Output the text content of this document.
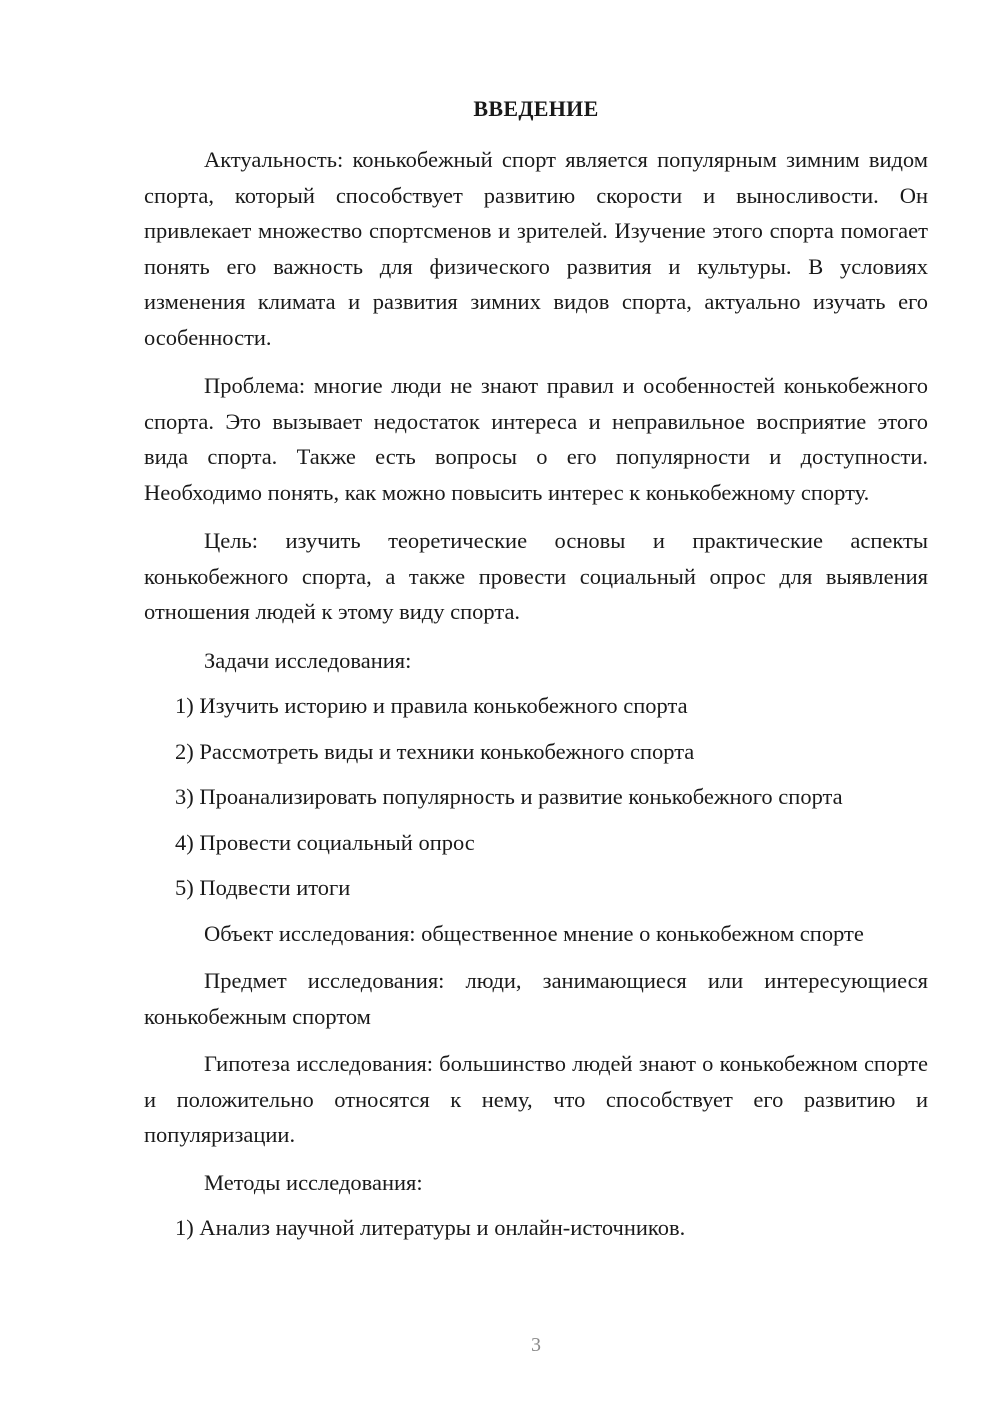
ВВЕДЕНИЕ

Актуальность: конькобежный спорт является популярным зимним видом спорта, который способствует развитию скорости и выносливости. Он привлекает множество спортсменов и зрителей. Изучение этого спорта помогает понять его важность для физического развития и культуры. В условиях изменения климата и развития зимних видов спорта, актуально изучать его особенности.

Проблема: многие люди не знают правил и особенностей конькобежного спорта. Это вызывает недостаток интереса и неправильное восприятие этого вида спорта. Также есть вопросы о его популярности и доступности. Необходимо понять, как можно повысить интерес к конькобежному спорту.

Цель: изучить теоретические основы и практические аспекты конькобежного спорта, а также провести социальный опрос для выявления отношения людей к этому виду спорта.

Задачи исследования:

1) Изучить историю и правила конькобежного спорта

2) Рассмотреть виды и техники конькобежного спорта

3) Проанализировать популярность и развитие конькобежного спорта

4) Провести социальный опрос

5) Подвести итоги

Объект исследования: общественное мнение о конькобежном спорте

Предмет исследования: люди, занимающиеся или интересующиеся конькобежным спортом

Гипотеза исследования: большинство людей знают о конькобежном спорте и положительно относятся к нему, что способствует его развитию и популяризации.

Методы исследования:

1) Анализ научной литературы и онлайн-источников.

3
